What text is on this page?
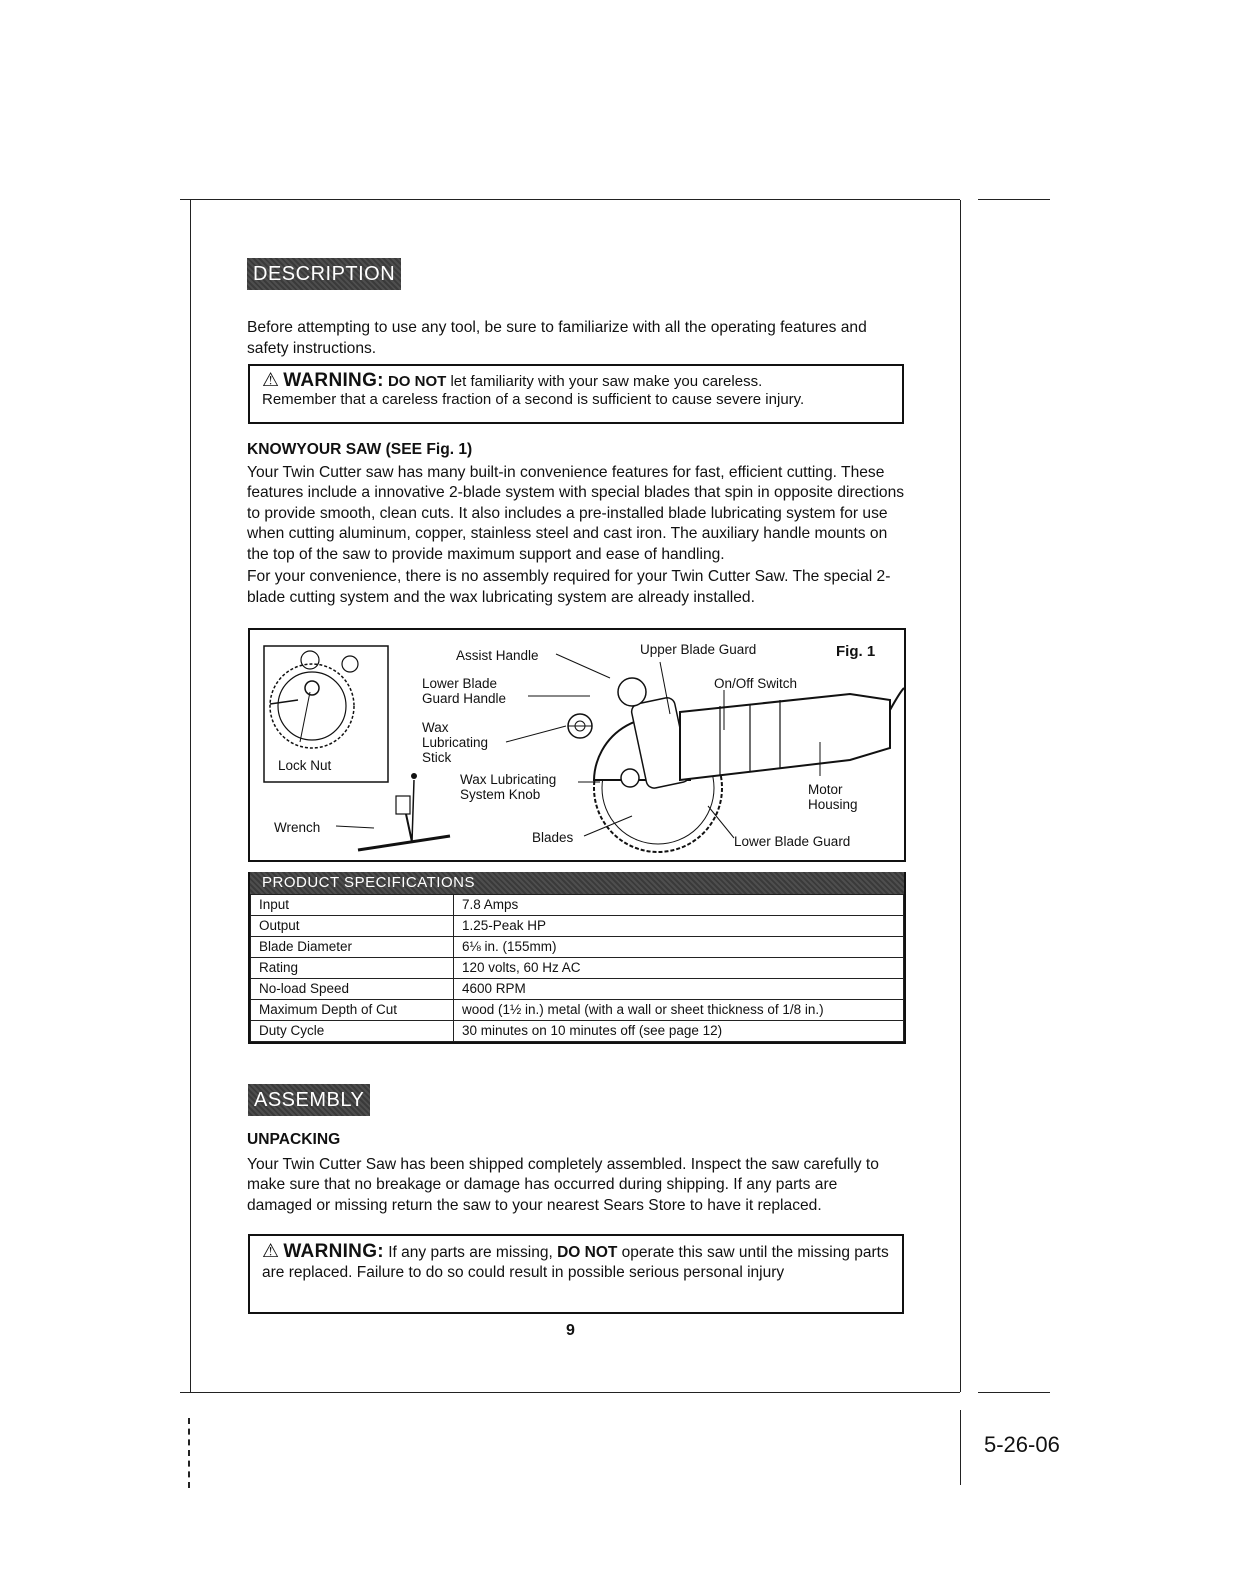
DESCRIPTION

Before attempting to use any tool, be sure to familiarize with all the operating features and safety instructions.

⚠ WARNING: DO NOT let familiarity with your saw make you careless.
Remember that a careless fraction of a second is sufficient to cause severe injury.
KNOWYOUR SAW (SEE Fig. 1)

Your Twin Cutter saw has many built-in convenience features for fast, efficient cutting. These features include a innovative 2-blade system with special blades that spin in opposite directions to provide smooth, clean cuts. It also includes a pre-installed blade lubricating system for use when cutting aluminum, copper, stainless steel and cast iron. The auxiliary handle mounts on the top of the saw to provide maximum support and ease of handling.

For your convenience, there is no assembly required for your Twin Cutter Saw. The special 2-blade cutting system and the wax lubricating system are already installed.

Fig. 1
Assist Handle	Upper Blade Guard
Lower Blade
Guard Handle
On/Off Switch
Wax
Lubricating
Stick
Wax Lubricating
System Knob
Lock Nut
Motor
Housing
Wrench
Blades	Lower Blade Guard
PRODUCT SPECIFICATIONS
Input	7.8 Amps
Output	1.25-Peak HP
Blade Diameter	6⅛ in. (155mm)
Rating	120 volts, 60 Hz AC
No-load Speed	4600 RPM
Maximum Depth of Cut	wood (1½ in.) metal (with a wall or sheet thickness of 1/8 in.)
Duty Cycle	30 minutes on 10 minutes off (see page 12)
ASSEMBLY
UNPACKING

Your Twin Cutter Saw has been shipped completely assembled. Inspect the saw carefully to make sure that no breakage or damage has occurred during shipping. If any parts are damaged or missing return the saw to your nearest Sears Store to have it replaced.

⚠ WARNING: If any parts are missing, DO NOT operate this saw until the missing parts are replaced. Failure to do so could result in possible serious personal injury
9
5-26-06
